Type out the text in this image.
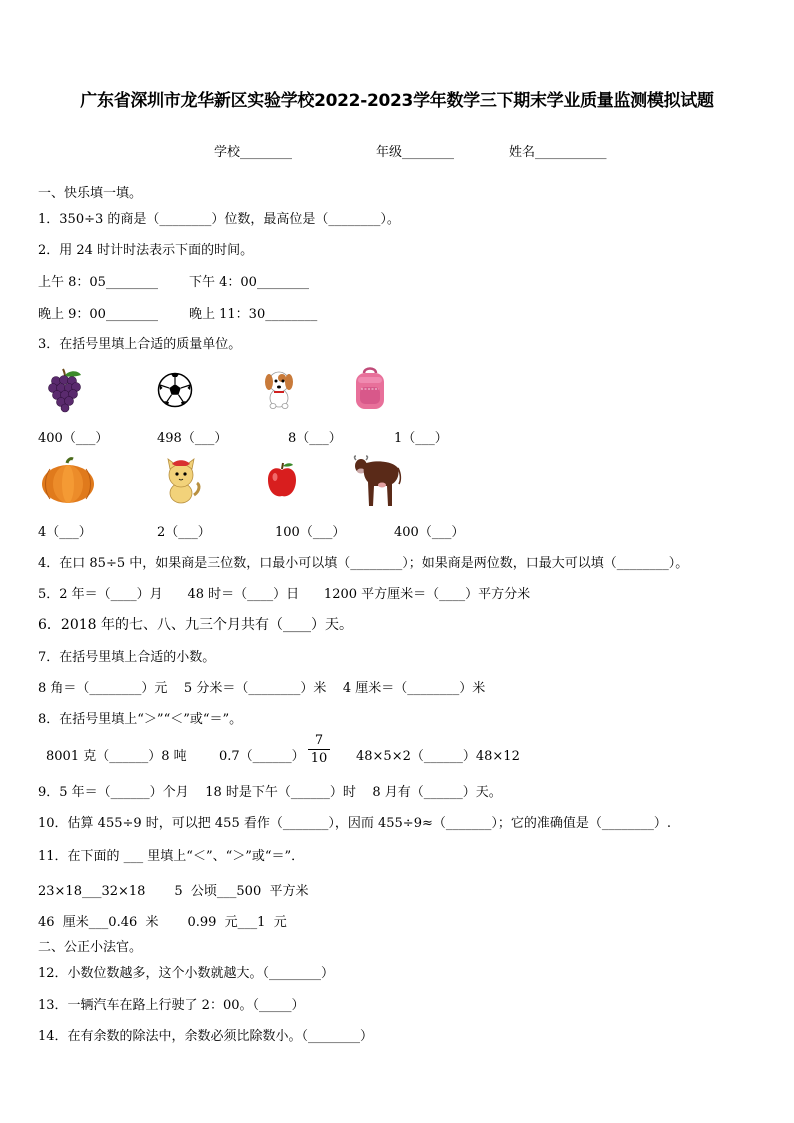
广东省深圳市龙华新区实验学校2022-2023学年数学三下期末学业质量监测模拟试题
学校________	年级________	姓名___________
一、快乐填一填。
1．350÷3 的商是（________）位数，最高位是（________）。
2．用 24 时计时法表示下面的时间。
上午 8：05________ 下午 4：00________
晚上 9：00________ 晚上 11：30________
3．在括号里填上合适的质量单位。
400（___）	498（___）	8（___）	1（___）
4（___）	2（___）	100（___）	400（___）
4．在口 85÷5 中，如果商是三位数，口最小可以填（________）；如果商是两位数，口最大可以填（________）。
5．2 年＝（____）月      48 时＝（____）日      1200 平方厘米＝（____）平方分米
6．2018 年的七、八、九三个月共有（____）天。
7．在括号里填上合适的小数。
8 角＝（________）元    5 分米＝（________）米    4 厘米＝（________）米
8．在括号里填上“＞”“＜”或“＝”。
8001 克（______）8 吨 0.7（______） $\frac{7}{10}$ 48×5×2（______）48×12
9．5 年＝（______）个月    18 时是下午（______）时    8 月有（______）天。
10．估算 455÷9 时，可以把 455 看作（_______），因而 455÷9≈（_______）；它的准确值是（________）.
11．在下面的 ___ 里填上“＜”、“＞”或“＝”．
23×18___32×18       5  公顷___500  平方米
46  厘米___0.46  米       0.99  元___1  元
二、公正小法官。
12．小数位数越多，这个小数就越大。（________）
13．一辆汽车在路上行驶了 2：00。（_____）
14．在有余数的除法中，余数必须比除数小。（________）
